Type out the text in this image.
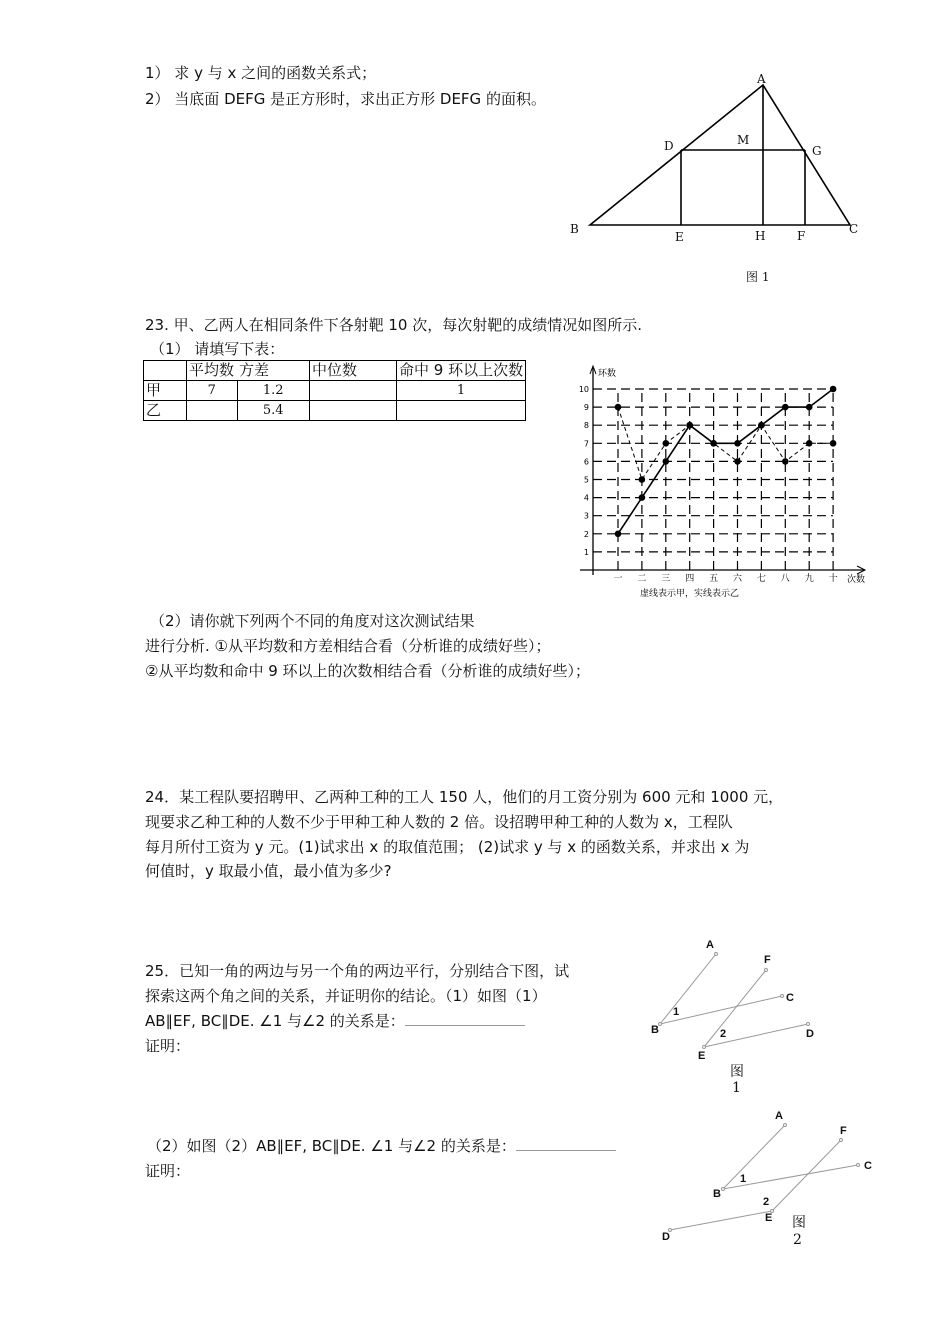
1） 求 y 与 x 之间的函数关系式；
2） 当底面 DEFG 是正方形时，求出正方形 DEFG 的面积。
A
D	M
G
B
E	H	F	C
图 1
23. 甲、乙两人在相同条件下各射靶 10 次，每次射靶的成绩情况如图所示.
（1） 请填写下表：
	平均数	方差	中位数	命中 9 环以上次数
甲	7	1.2		1
乙		5.4		
环数
次数
虚线表示甲，实线表示乙
1
2
3
4
5
6
7
8
9
10
一 二 三 四 五 六 七 八 九 十
（2）请你就下列两个不同的角度对这次测试结果
进行分析. ①从平均数和方差相结合看（分析谁的成绩好些）；
②从平均数和命中 9 环以上的次数相结合看（分析谁的成绩好些）；
24．某工程队要招聘甲、乙两种工种的工人 150 人，他们的月工资分别为 600 元和 1000 元，
现要求乙种工种的人数不少于甲种工种人数的 2 倍。设招聘甲种工种的人数为 x，工程队
每月所付工资为 y 元。(1)试求出 x 的取值范围； (2)试求 y 与 x 的函数关系，并求出 x 为
何值时，y 取最小值，最小值为多少?
25．已知一角的两边与另一个角的两边平行，分别结合下图，试
探索这两个角之间的关系，并证明你的结论。（1）如图（1）
AB∥EF, BC∥DE. ∠1 与∠2 的关系是：
证明：
（2）如图（2）AB∥EF, BC∥DE. ∠1 与∠2 的关系是：
证明：
A
F
C
1
B	2	D
E
图
1
A
F
C
1
B
2
E
D
图
2
